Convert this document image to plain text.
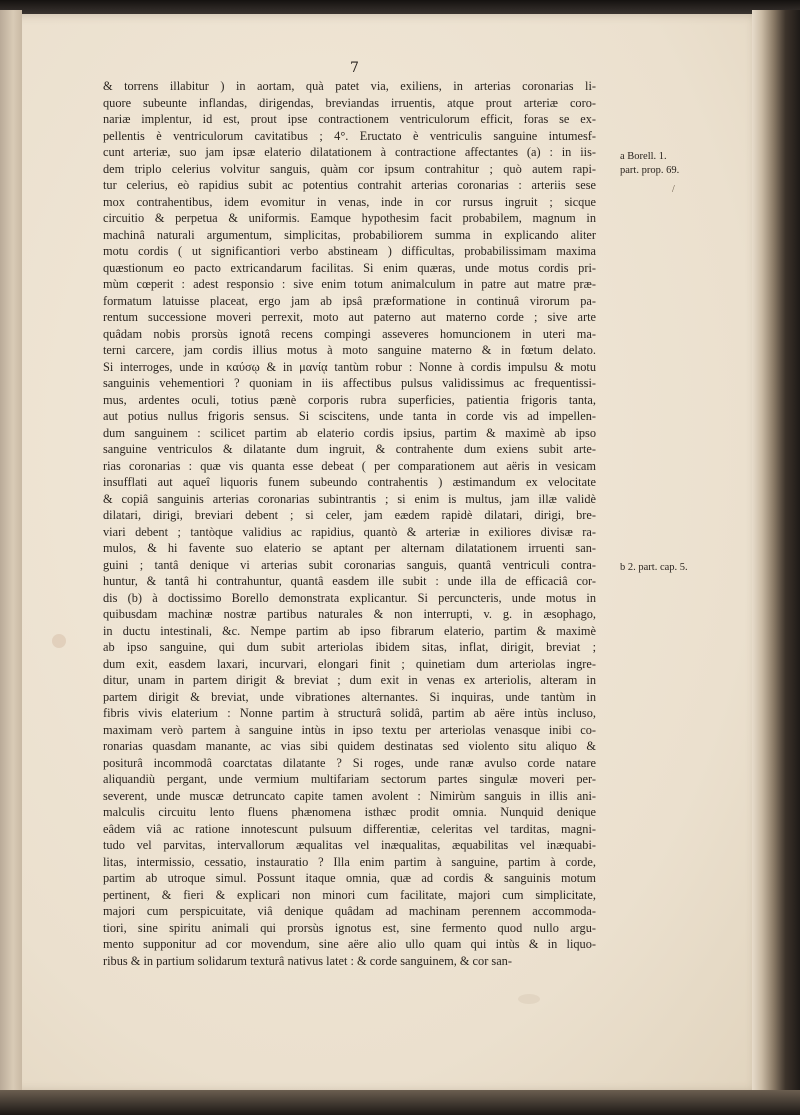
7
& torrens illabitur ) in aortam, quà patet via, exiliens, in arterias coronarias li-
quore subeunte inflandas, dirigendas, breviandas irruentis, atque prout arteriæ coro-
nariæ implentur, id est, prout ipse contractionem ventriculorum efficit, foras se ex-
pellentis è ventriculorum cavitatibus ; 4°. Eructato è ventriculis sanguine intumesf-
cunt arteriæ, suo jam ipsæ elaterio dilatationem à contractione affectantes (a) : in iis-
dem triplo celerius volvitur sanguis, quàm cor ipsum contrahitur ; quò autem rapi-
tur celerius, eò rapidius subit ac potentius contrahit arterias coronarias : arteriis sese
mox contrahentibus, idem evomitur in venas, inde in cor rursus ingruit ; sicque
circuitio & perpetua & uniformis. Eamque hypothesim facit probabilem, magnum in
machinâ naturali argumentum, simplicitas, probabiliorem summa in explicando aliter
motu cordis ( ut significantiori verbo abstineam ) difficultas, probabilissimam maxima
quæstionum eo pacto extricandarum facilitas. Si enim quæras, unde motus cordis pri-
mùm cœperit : adest responsio : sive enim totum animalculum in patre aut matre præ-
formatum latuisse placeat, ergo jam ab ipsâ præformatione in continuâ virorum pa-
rentum successione moveri perrexit, moto aut paterno aut materno corde ; sive arte
quâdam nobis prorsùs ignotâ recens compingi asseveres homuncionem in uteri ma-
terni carcere, jam cordis illius motus à moto sanguine materno & in fœtum delato.
Si interroges, unde in καύσῳ & in μανίᾳ tantùm robur : Nonne à cordis impulsu & motu
sanguinis vehementiori ? quoniam in iis affectibus pulsus validissimus ac frequentissi-
mus, ardentes oculi, totius pænè corporis rubra superficies, patientia frigoris tanta,
aut potius nullus frigoris sensus. Si sciscitens, unde tanta in corde vis ad impellen-
dum sanguinem : scilicet partim ab elaterio cordis ipsius, partim & maximè ab ipso
sanguine ventriculos & dilatante dum ingruit, & contrahente dum exiens subit arte-
rias coronarias : quæ vis quanta esse debeat ( per comparationem aut aëris in vesicam
insufflati aut aqueî liquoris funem subeundo contrahentis ) æstimandum ex velocitate
& copiâ sanguinis arterias coronarias subintrantis ; si enim is multus, jam illæ validè
dilatari, dirigi, breviari debent ; si celer, jam eædem rapidè dilatari, dirigi, bre-
viari debent ; tantòque validius ac rapidius, quantò & arteriæ in exiliores divisæ ra-
mulos, & hi favente suo elaterio se aptant per alternam dilatationem irruenti san-
guini ; tantâ denique vi arterias subit coronarias sanguis, quantâ ventriculi contra-
huntur, & tantâ hi contrahuntur, quantâ easdem ille subit : unde illa de efficaciâ cor-
dis (b) à doctissimo Borello demonstrata explicantur. Si percuncteris, unde motus in
quibusdam machinæ nostræ partibus naturales & non interrupti, v. g. in æsophago,
in ductu intestinali, &c. Nempe partim ab ipso fibrarum elaterio, partim & maximè
ab ipso sanguine, qui dum subit arteriolas ibidem sitas, inflat, dirigit, breviat ;
dum exit, easdem laxari, incurvari, elongari finit ; quinetiam dum arteriolas ingre-
ditur, unam in partem dirigit & breviat ; dum exit in venas ex arteriolis, alteram in
partem dirigit & breviat, unde vibrationes alternantes. Si inquiras, unde tantùm in
fibris vivis elaterium : Nonne partim à structurâ solidâ, partim ab aëre intùs incluso,
maximam verò partem à sanguine intùs in ipso textu per arteriolas venasque inibi co-
ronarias quasdam manante, ac vias sibi quidem destinatas sed violento situ aliquo &
positurâ incommodâ coarctatas dilatante ? Si roges, unde ranæ avulso corde natare
aliquandiù pergant, unde vermium multifariam sectorum partes singulæ moveri per-
severent, unde muscæ detruncato capite tamen avolent : Nimirùm sanguis in illis ani-
malculis circuitu lento fluens phænomena isthæc prodit omnia. Nunquid denique
eâdem viâ ac ratione innotescunt pulsuum differentiæ, celeritas vel tarditas, magni-
tudo vel parvitas, intervallorum æqualitas vel inæqualitas, æquabilitas vel inæquabi-
litas, intermissio, cessatio, instauratio ? Illa enim partim à sanguine, partim à corde,
partim ab utroque simul. Possunt itaque omnia, quæ ad cordis & sanguinis motum
pertinent, & fieri & explicari non minori cum facilitate, majori cum simplicitate,
majori cum perspicuitate, viâ denique quâdam ad machinam perennem accommoda-
tiori, sine spiritu animali qui prorsùs ignotus est, sine fermento quod nullo argu-
mento supponitur ad cor movendum, sine aëre alio ullo quam qui intùs & in liquo-
ribus & in partium solidarum texturâ nativus latet : & corde sanguinem, & cor san-
a Borell. 1.
part. prop. 69.
/
b 2. part. cap. 5.
